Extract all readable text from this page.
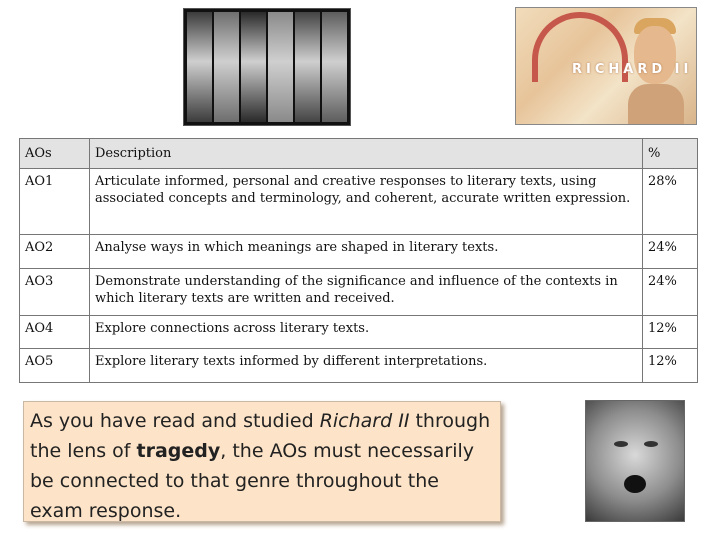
RICHARD II
AOs	Description	%
AO1	Articulate informed, personal and creative responses to literary texts, using associated concepts and terminology, and coherent, accurate written expression.	28%
AO2	Analyse ways in which meanings are shaped in literary texts.	24%
AO3	Demonstrate understanding of the significance and influence of the contexts in which literary texts are written and received.	24%
AO4	Explore connections across literary texts.	12%
AO5	Explore literary texts informed by different interpretations.	12%
As you have read and studied Richard II through the lens of tragedy, the AOs must necessarily be connected to that genre throughout the exam response.
